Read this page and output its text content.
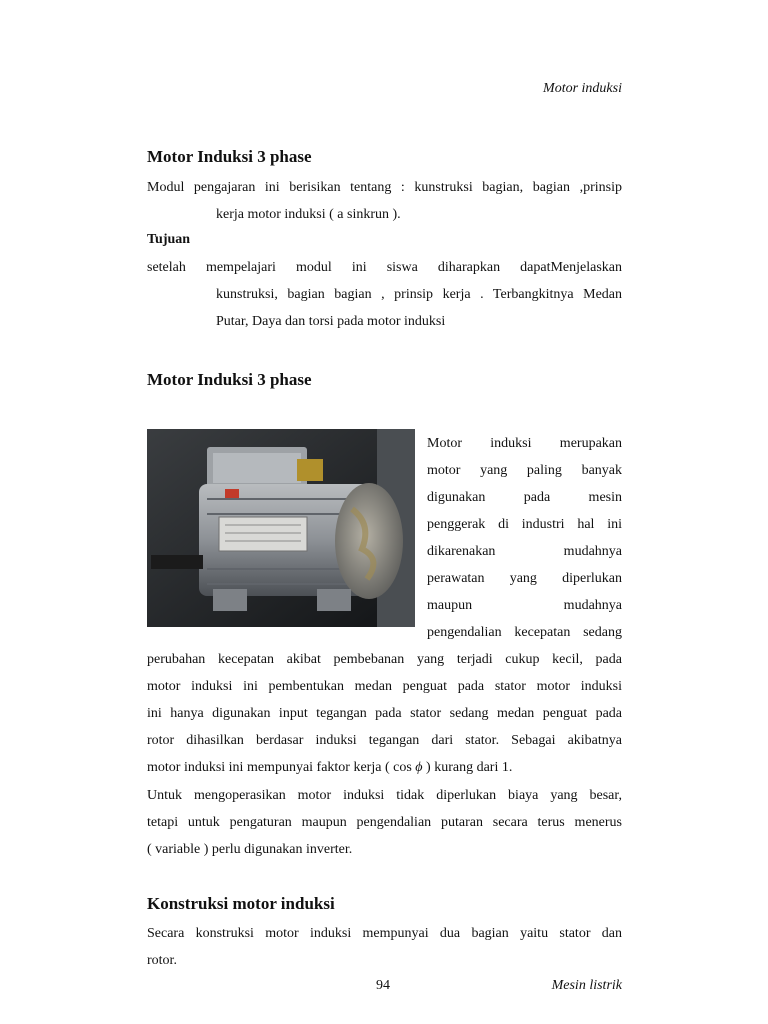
Motor induksi
Motor Induksi 3 phase
Modul pengajaran ini berisikan tentang : kunstruksi bagian, bagian ,prinsip
kerja motor induksi ( a sinkrun ).
Tujuan
setelah mempelajari modul ini siswa diharapkan dapatMenjelaskan
kunstruksi, bagian bagian , prinsip kerja . Terbangkitnya Medan
Putar, Daya dan torsi pada motor induksi
Motor Induksi 3 phase
Motor induksi merupakan
motor yang paling banyak
digunakan pada mesin
penggerak di industri hal ini
dikarenakan mudahnya
perawatan yang diperlukan
maupun mudahnya
pengendalian kecepatan sedang
perubahan kecepatan akibat pembebanan yang terjadi cukup kecil, pada
motor induksi ini pembentukan medan penguat pada stator motor induksi
ini hanya digunakan input tegangan pada stator sedang medan penguat pada
rotor dihasilkan berdasar induksi tegangan dari stator. Sebagai akibatnya
motor induksi ini mempunyai faktor kerja ( cos ϕ ) kurang dari 1.
Untuk mengoperasikan motor induksi tidak diperlukan biaya yang besar,
tetapi untuk pengaturan maupun pengendalian putaran secara terus menerus
( variable ) perlu digunakan inverter.
Konstruksi motor induksi
Secara konstruksi motor induksi mempunyai dua bagian yaitu stator dan
rotor.
94	Mesin listrik
